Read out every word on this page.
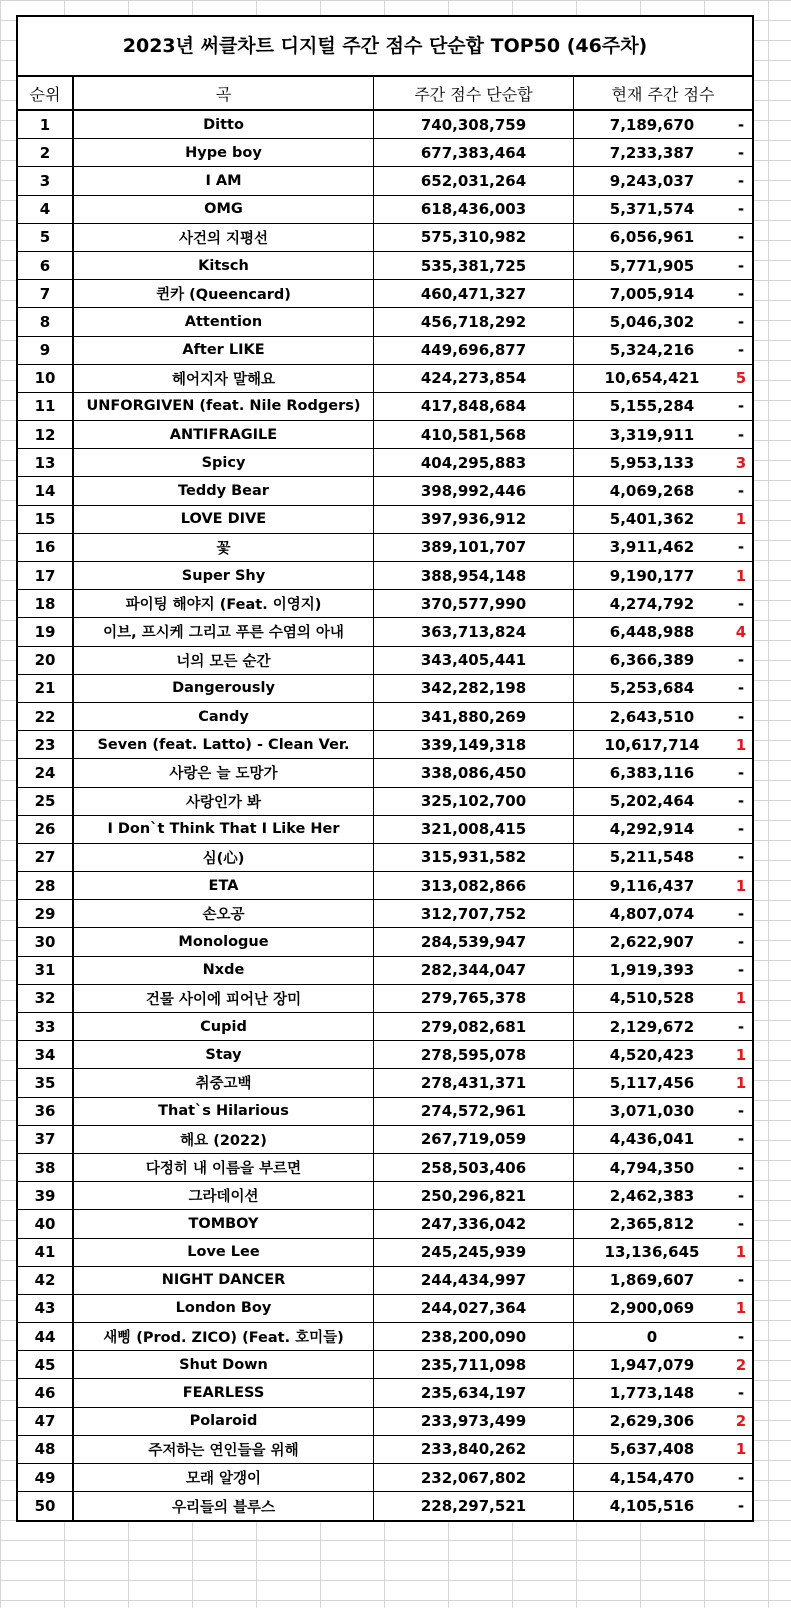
2023년 써클차트 디지털 주간 점수 단순합 TOP50 (46주차)
순위	곡	주간 점수 단순합	현재 주간 점수
1	Ditto	740,308,759	7,189,670	-
2	Hype boy	677,383,464	7,233,387	-
3	I AM	652,031,264	9,243,037	-
4	OMG	618,436,003	5,371,574	-
5	사건의 지평선	575,310,982	6,056,961	-
6	Kitsch	535,381,725	5,771,905	-
7	퀸카 (Queencard)	460,471,327	7,005,914	-
8	Attention	456,718,292	5,046,302	-
9	After LIKE	449,696,877	5,324,216	-
10	헤어지자 말해요	424,273,854	10,654,421	5
11	UNFORGIVEN (feat. Nile Rodgers)	417,848,684	5,155,284	-
12	ANTIFRAGILE	410,581,568	3,319,911	-
13	Spicy	404,295,883	5,953,133	3
14	Teddy Bear	398,992,446	4,069,268	-
15	LOVE DIVE	397,936,912	5,401,362	1
16	꽃	389,101,707	3,911,462	-
17	Super Shy	388,954,148	9,190,177	1
18	파이팅 해야지 (Feat. 이영지)	370,577,990	4,274,792	-
19	이브, 프시케 그리고 푸른 수염의 아내	363,713,824	6,448,988	4
20	너의 모든 순간	343,405,441	6,366,389	-
21	Dangerously	342,282,198	5,253,684	-
22	Candy	341,880,269	2,643,510	-
23	Seven (feat. Latto) - Clean Ver.	339,149,318	10,617,714	1
24	사랑은 늘 도망가	338,086,450	6,383,116	-
25	사랑인가 봐	325,102,700	5,202,464	-
26	I Don`t Think That I Like Her	321,008,415	4,292,914	-
27	심(心)	315,931,582	5,211,548	-
28	ETA	313,082,866	9,116,437	1
29	손오공	312,707,752	4,807,074	-
30	Monologue	284,539,947	2,622,907	-
31	Nxde	282,344,047	1,919,393	-
32	건물 사이에 피어난 장미	279,765,378	4,510,528	1
33	Cupid	279,082,681	2,129,672	-
34	Stay	278,595,078	4,520,423	1
35	취중고백	278,431,371	5,117,456	1
36	That`s Hilarious	274,572,961	3,071,030	-
37	해요 (2022)	267,719,059	4,436,041	-
38	다정히 내 이름을 부르면	258,503,406	4,794,350	-
39	그라데이션	250,296,821	2,462,383	-
40	TOMBOY	247,336,042	2,365,812	-
41	Love Lee	245,245,939	13,136,645	1
42	NIGHT DANCER	244,434,997	1,869,607	-
43	London Boy	244,027,364	2,900,069	1
44	새삥 (Prod. ZICO) (Feat. 호미들)	238,200,090	0	-
45	Shut Down	235,711,098	1,947,079	2
46	FEARLESS	235,634,197	1,773,148	-
47	Polaroid	233,973,499	2,629,306	2
48	주저하는 연인들을 위해	233,840,262	5,637,408	1
49	모래 알갱이	232,067,802	4,154,470	-
50	우리들의 블루스	228,297,521	4,105,516	-
